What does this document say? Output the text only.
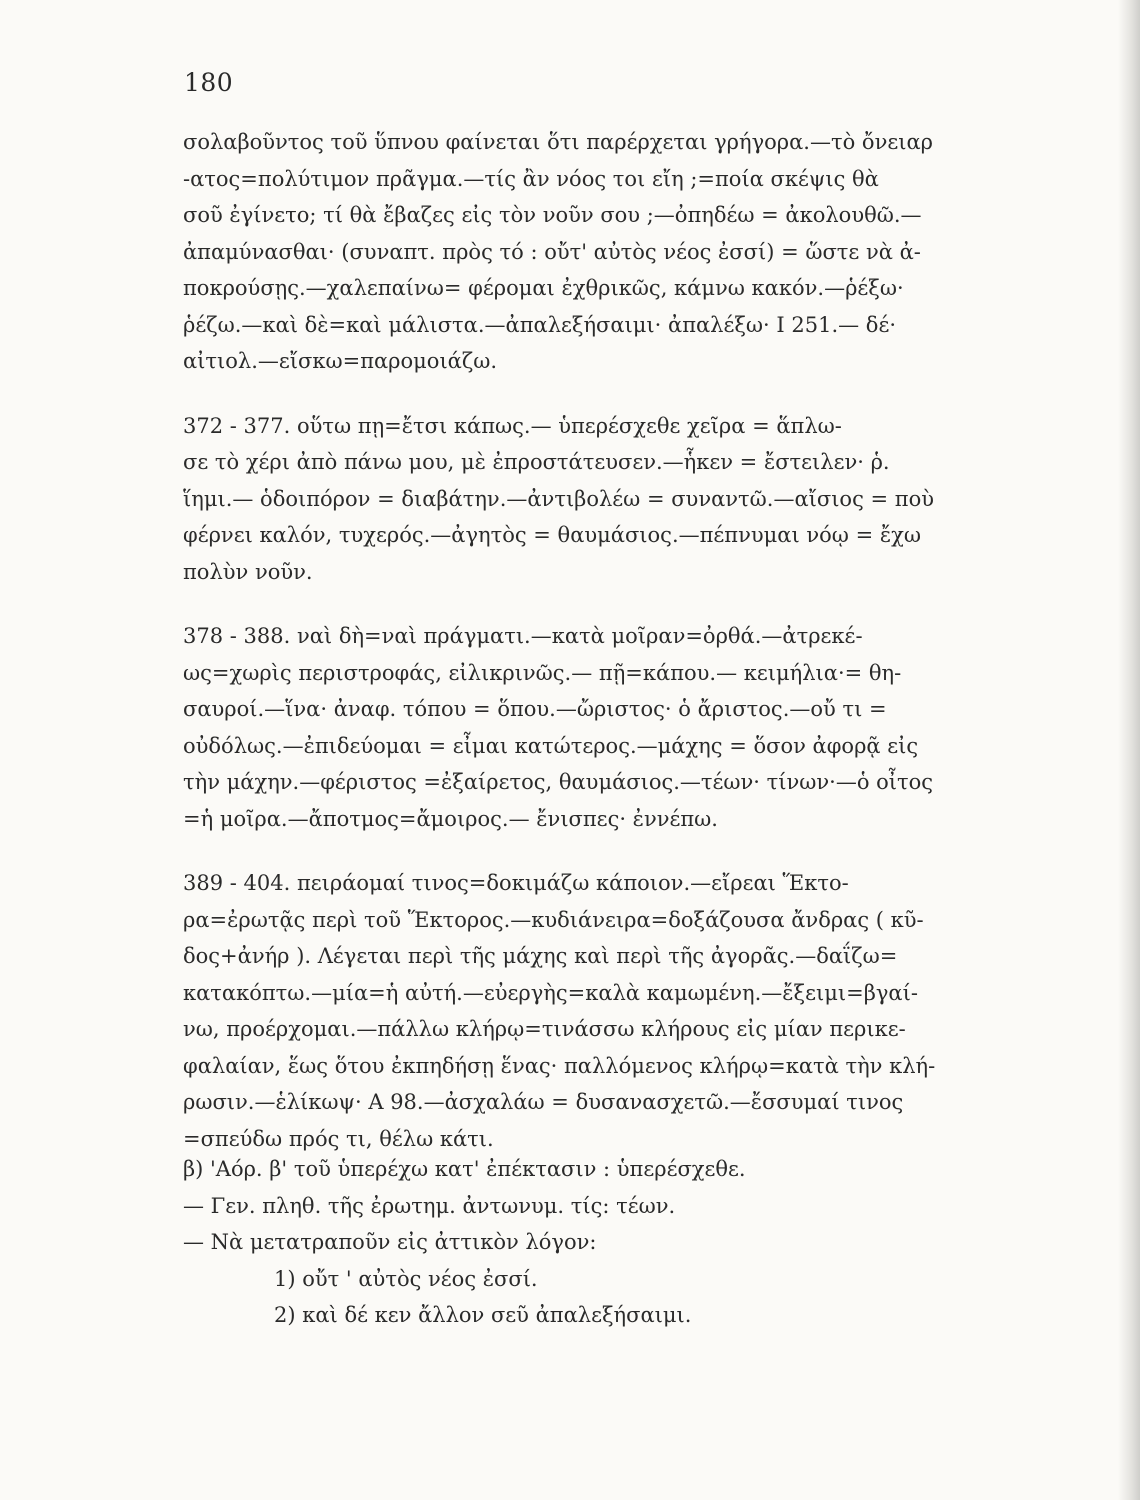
180
σολαβοῦντος τοῦ ὕπνου φαίνεται ὅτι παρέρχεται γρήγορα.—τὸ ὄνειαρ
-ατος=πολύτιμον πρᾶγμα.—τίς ἂν νόος τοι εἴη ;=ποία σκέψις θὰ
σοῦ ἐγίνετο; τί θὰ ἔβαζες εἰς τὸν νοῦν σου ;—ὀπηδέω = ἀκολουθῶ.—
ἀπαμύνασθαι· (συναπτ. πρὸς τό : οὔτ' αὐτὸς νέος ἐσσί) = ὥστε νὰ ἀ-
ποκρούσῃς.—χαλεπαίνω= φέρομαι ἐχθρικῶς, κάμνω κακόν.—ῥέξω·
ῥέζω.—καὶ δὲ=καὶ μάλιστα.—ἀπαλεξήσαιμι· ἀπαλέξω· Ι 251.— δέ·
αἰτιολ.—εἴσκω=παρομοιάζω.
372 - 377. οὕτω πῃ=ἔτσι κάπως.— ὑπερέσχεθε χεῖρα = ἅπλω-
σε τὸ χέρι ἀπὸ πάνω μου, μὲ ἐπροστάτευσεν.—ἧκεν = ἔστειλεν· ῥ.
ἵημι.— ὁδοιπόρον = διαβάτην.—ἀντιβολέω = συναντῶ.—αἴσιος = ποὺ
φέρνει καλόν, τυχερός.—ἀγητὸς = θαυμάσιος.—πέπνυμαι νόῳ = ἔχω
πολὺν νοῦν.
378 - 388. ναὶ δὴ=ναὶ πράγματι.—κατὰ μοῖραν=ὀρθά.—ἀτρεκέ-
ως=χωρὶς περιστροφάς, εἰλικρινῶς.— πῇ=κάπου.— κειμήλια·= θη-
σαυροί.—ἵνα· ἀναφ. τόπου = ὅπου.—ὤριστος· ὁ ἄριστος.—οὔ τι =
οὐδόλως.—ἐπιδεύομαι = εἶμαι κατώτερος.—μάχης = ὅσον ἀφορᾷ εἰς
τὴν μάχην.—φέριστος =ἐξαίρετος, θαυμάσιος.—τέων· τίνων·—ὁ οἶτος
=ἡ μοῖρα.—ἄποτμος=ἄμοιρος.— ἔνισπες· ἐννέπω.
389 - 404. πειράομαί τινος=δοκιμάζω κάποιον.—εἴρεαι Ἕκτο-
ρα=ἐρωτᾷς περὶ τοῦ Ἕκτορος.—κυδιάνειρα=δοξάζουσα ἄνδρας ( κῦ-
δος+ἀνήρ ). Λέγεται περὶ τῆς μάχης καὶ περὶ τῆς ἀγορᾶς.—δαΐζω=
κατακόπτω.—μία=ἡ αὐτή.—εὐεργὴς=καλὰ καμωμένη.—ἔξειμι=βγαί-
νω, προέρχομαι.—πάλλω κλήρῳ=τινάσσω κλήρους εἰς μίαν περικε-
φαλαίαν, ἕως ὅτου ἐκπηδήσῃ ἕνας· παλλόμενος κλήρῳ=κατὰ τὴν κλή-
ρωσιν.—ἑλίκωψ· Α 98.—ἀσχαλάω = δυσανασχετῶ.—ἔσσυμαί τινος
=σπεύδω πρός τι, θέλω κάτι.
β) 'Αόρ. β' τοῦ ὑπερέχω κατ' ἐπέκτασιν : ὑπερέσχεθε.
— Γεν. πληθ. τῆς ἐρωτημ. ἀντωνυμ. τίς: τέων.
— Νὰ μετατραποῦν εἰς ἀττικὸν λόγον:
1) οὔτ ' αὐτὸς νέος ἐσσί.
2) καὶ δέ κεν ἄλλον σεῦ ἀπαλεξήσαιμι.
